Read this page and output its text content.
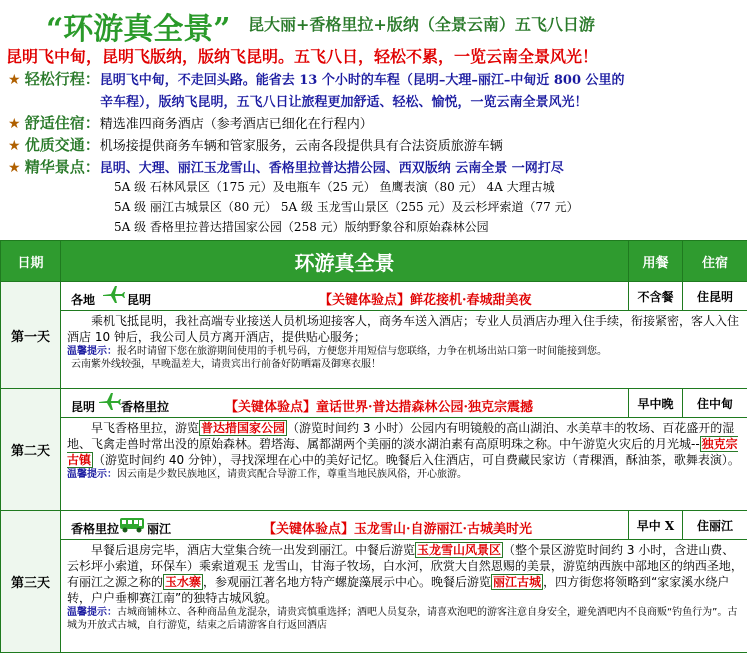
“环游真全景” 昆大丽+香格里拉+版纳（全景云南）五飞八日游
昆明飞中甸，昆明飞版纳，版纳飞昆明。五飞八日，轻松不累，一览云南全景风光！
★ 轻松行程：昆明飞中甸，不走回头路。能省去 13 个小时的车程（昆明–大理–丽江–中甸近 800 公里的
辛车程），版纳飞昆明，五飞八日让旅程更加舒适、轻松、愉悦，一览云南全景风光！
★ 舒适住宿：精选准四商务酒店（参考酒店已细化在行程内）
★ 优质交通：机场接提供商务车辆和管家服务，云南各段提供具有合法资质旅游车辆
★ 精华景点：昆明、大理、丽江玉龙雪山、香格里拉普达措公园、西双版纳 云南全景 一网打尽
5A 级 石林风景区（175 元）及电瓶车（25 元） 鱼鹰表演（80 元） 4A 大理古城
5A 级 丽江古城景区（80 元） 5A 级 玉龙雪山景区（255 元）及云杉坪索道（77 元）
5A 级 香格里拉普达措国家公园（258 元）版纳野象谷和原始森林公园
日期	环游真全景	用餐	住宿
第一天	各地 昆明 【关键体验点】鲜花接机·春城甜美夜	不含餐	住昆明

	乘机飞抵昆明，我社高端专业接送人员机场迎接客人，商务车送入酒店；专业人员酒店办理入住手续，衔接紧密，客人入住酒店 10 钟后，我公司人员方离开酒店，提供贴心服务；
温馨提示：报名时请留下您在旅游期间使用的手机号码，方便您并用短信与您联络，力争在机场出站口第一时间能接到您。
云南紫外线较强，早晚温差大，请贵宾出行前备好防晒霜及御寒衣服！		

第二天	昆明 香格里拉 【关键体验点】童话世界·普达措森林公园·独克宗震撼	早中晚	住中甸

	早飞香格里拉，游览 普达措国家公园 （游览时间约 3 小时）公园内有明镜般的高山湖泊、水美草丰的牧场、百花盛开的湿地、飞禽走兽时常出没的原始森林。碧塔海、属都湖两个美丽的淡水湖泊素有高原明珠之称。中午游览火灾后的月光城-- 独克宗古镇 （游览时间约 40 分钟），寻找深埋在心中的美好记忆。晚餐后入住酒店，可自费藏民家访（青稞酒，酥油茶，歌舞表演）。
温馨提示：因云南是少数民族地区，请贵宾配合导游工作，尊重当地民族风俗，开心旅游。		

第三天	香格里拉 丽江 【关键体验点】玉龙雪山·自游丽江·古城美时光	早中 X	住丽江

	早餐后退房完毕，酒店大堂集合统一出发到丽江。中餐后游览 玉龙雪山风景区 （整个景区游览时间约 3 小时，含进山费、云杉坪小索道，环保车）乘索道观玉 龙雪山，甘海子牧场，白水河，欣赏大自然恩赐的美景，游览纳西族中部地区的纳西圣地，有丽江之源之称的 玉水寨 ，参观丽江著名地方特产螺旋藻展示中心。晚餐后游览 丽江古城 ，四方街您将领略到“家家溪水绕户转，户户垂柳赛江南”的独特古城风貌。
温馨提示：古城商铺林立、各种商品鱼龙混杂，请贵宾慎重选择；酒吧人员复杂，请喜欢泡吧的游客注意自身安全，避免酒吧内不良商贩“钓鱼行为”。古城为开放式古城，自行游览，结束之后请游客自行返回酒店		
